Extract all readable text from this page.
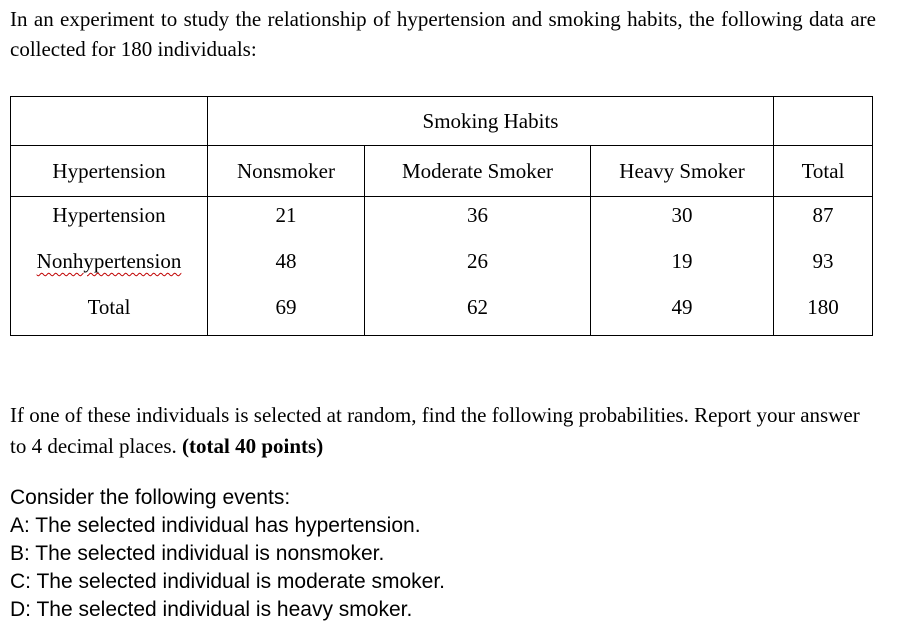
In an experiment to study the relationship of hypertension and smoking habits, the following data are collected for 180 individuals:

	Smoking Habits			
Hypertension	Nonsmoker	Moderate Smoker	Heavy Smoker	Total
Hypertension	21	36	30	87
Nonhypertension	48	26	19	93
Total	69	62	49	180

If one of these individuals is selected at random, find the following probabilities. Report your answer to 4 decimal places. (total 40 points)

Consider the following events:
A: The selected individual has hypertension.
B: The selected individual is nonsmoker.
C: The selected individual is moderate smoker.
D: The selected individual is heavy smoker.
